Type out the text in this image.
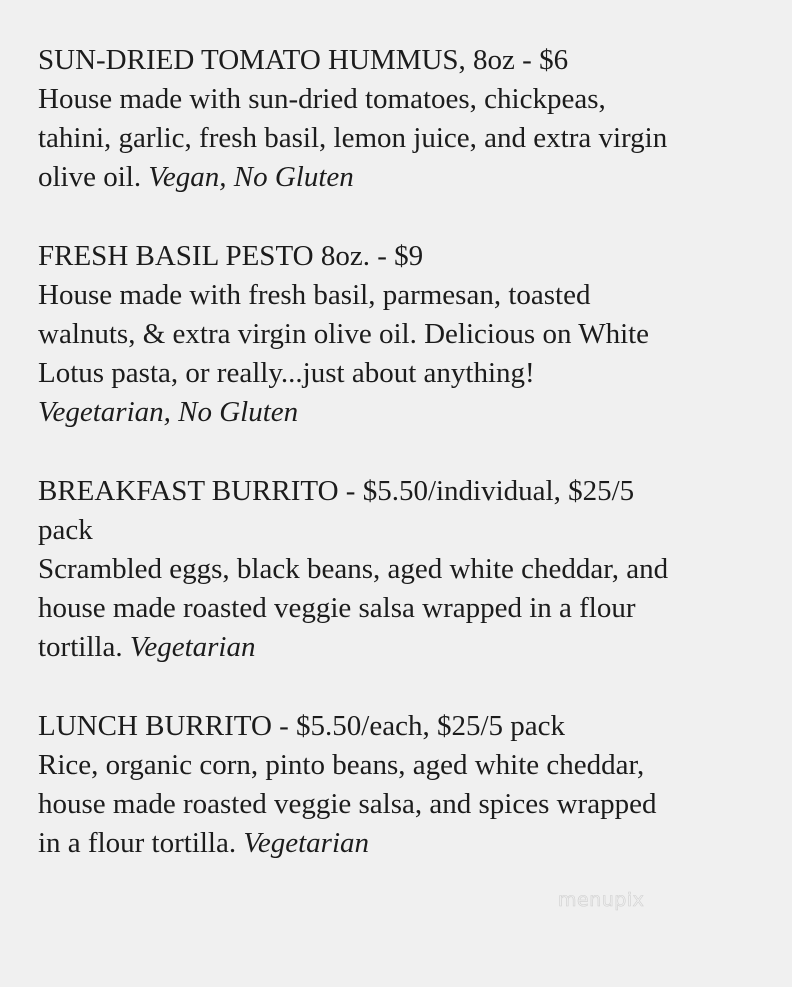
SUN-DRIED TOMATO HUMMUS, 8oz - $6
House made with sun-dried tomatoes, chickpeas,
tahini, garlic, fresh basil, lemon juice, and extra virgin
olive oil. Vegan, No Gluten
FRESH BASIL PESTO 8oz. - $9
House made with fresh basil, parmesan, toasted
walnuts, & extra virgin olive oil. Delicious on White
Lotus pasta, or really...just about anything!
Vegetarian, No Gluten
BREAKFAST BURRITO - $5.50/individual, $25/5
pack
Scrambled eggs, black beans, aged white cheddar, and
house made roasted veggie salsa wrapped in a flour
tortilla. Vegetarian
LUNCH BURRITO - $5.50/each, $25/5 pack
Rice, organic corn, pinto beans, aged white cheddar,
house made roasted veggie salsa, and spices wrapped
in a flour tortilla. Vegetarian
menupix
